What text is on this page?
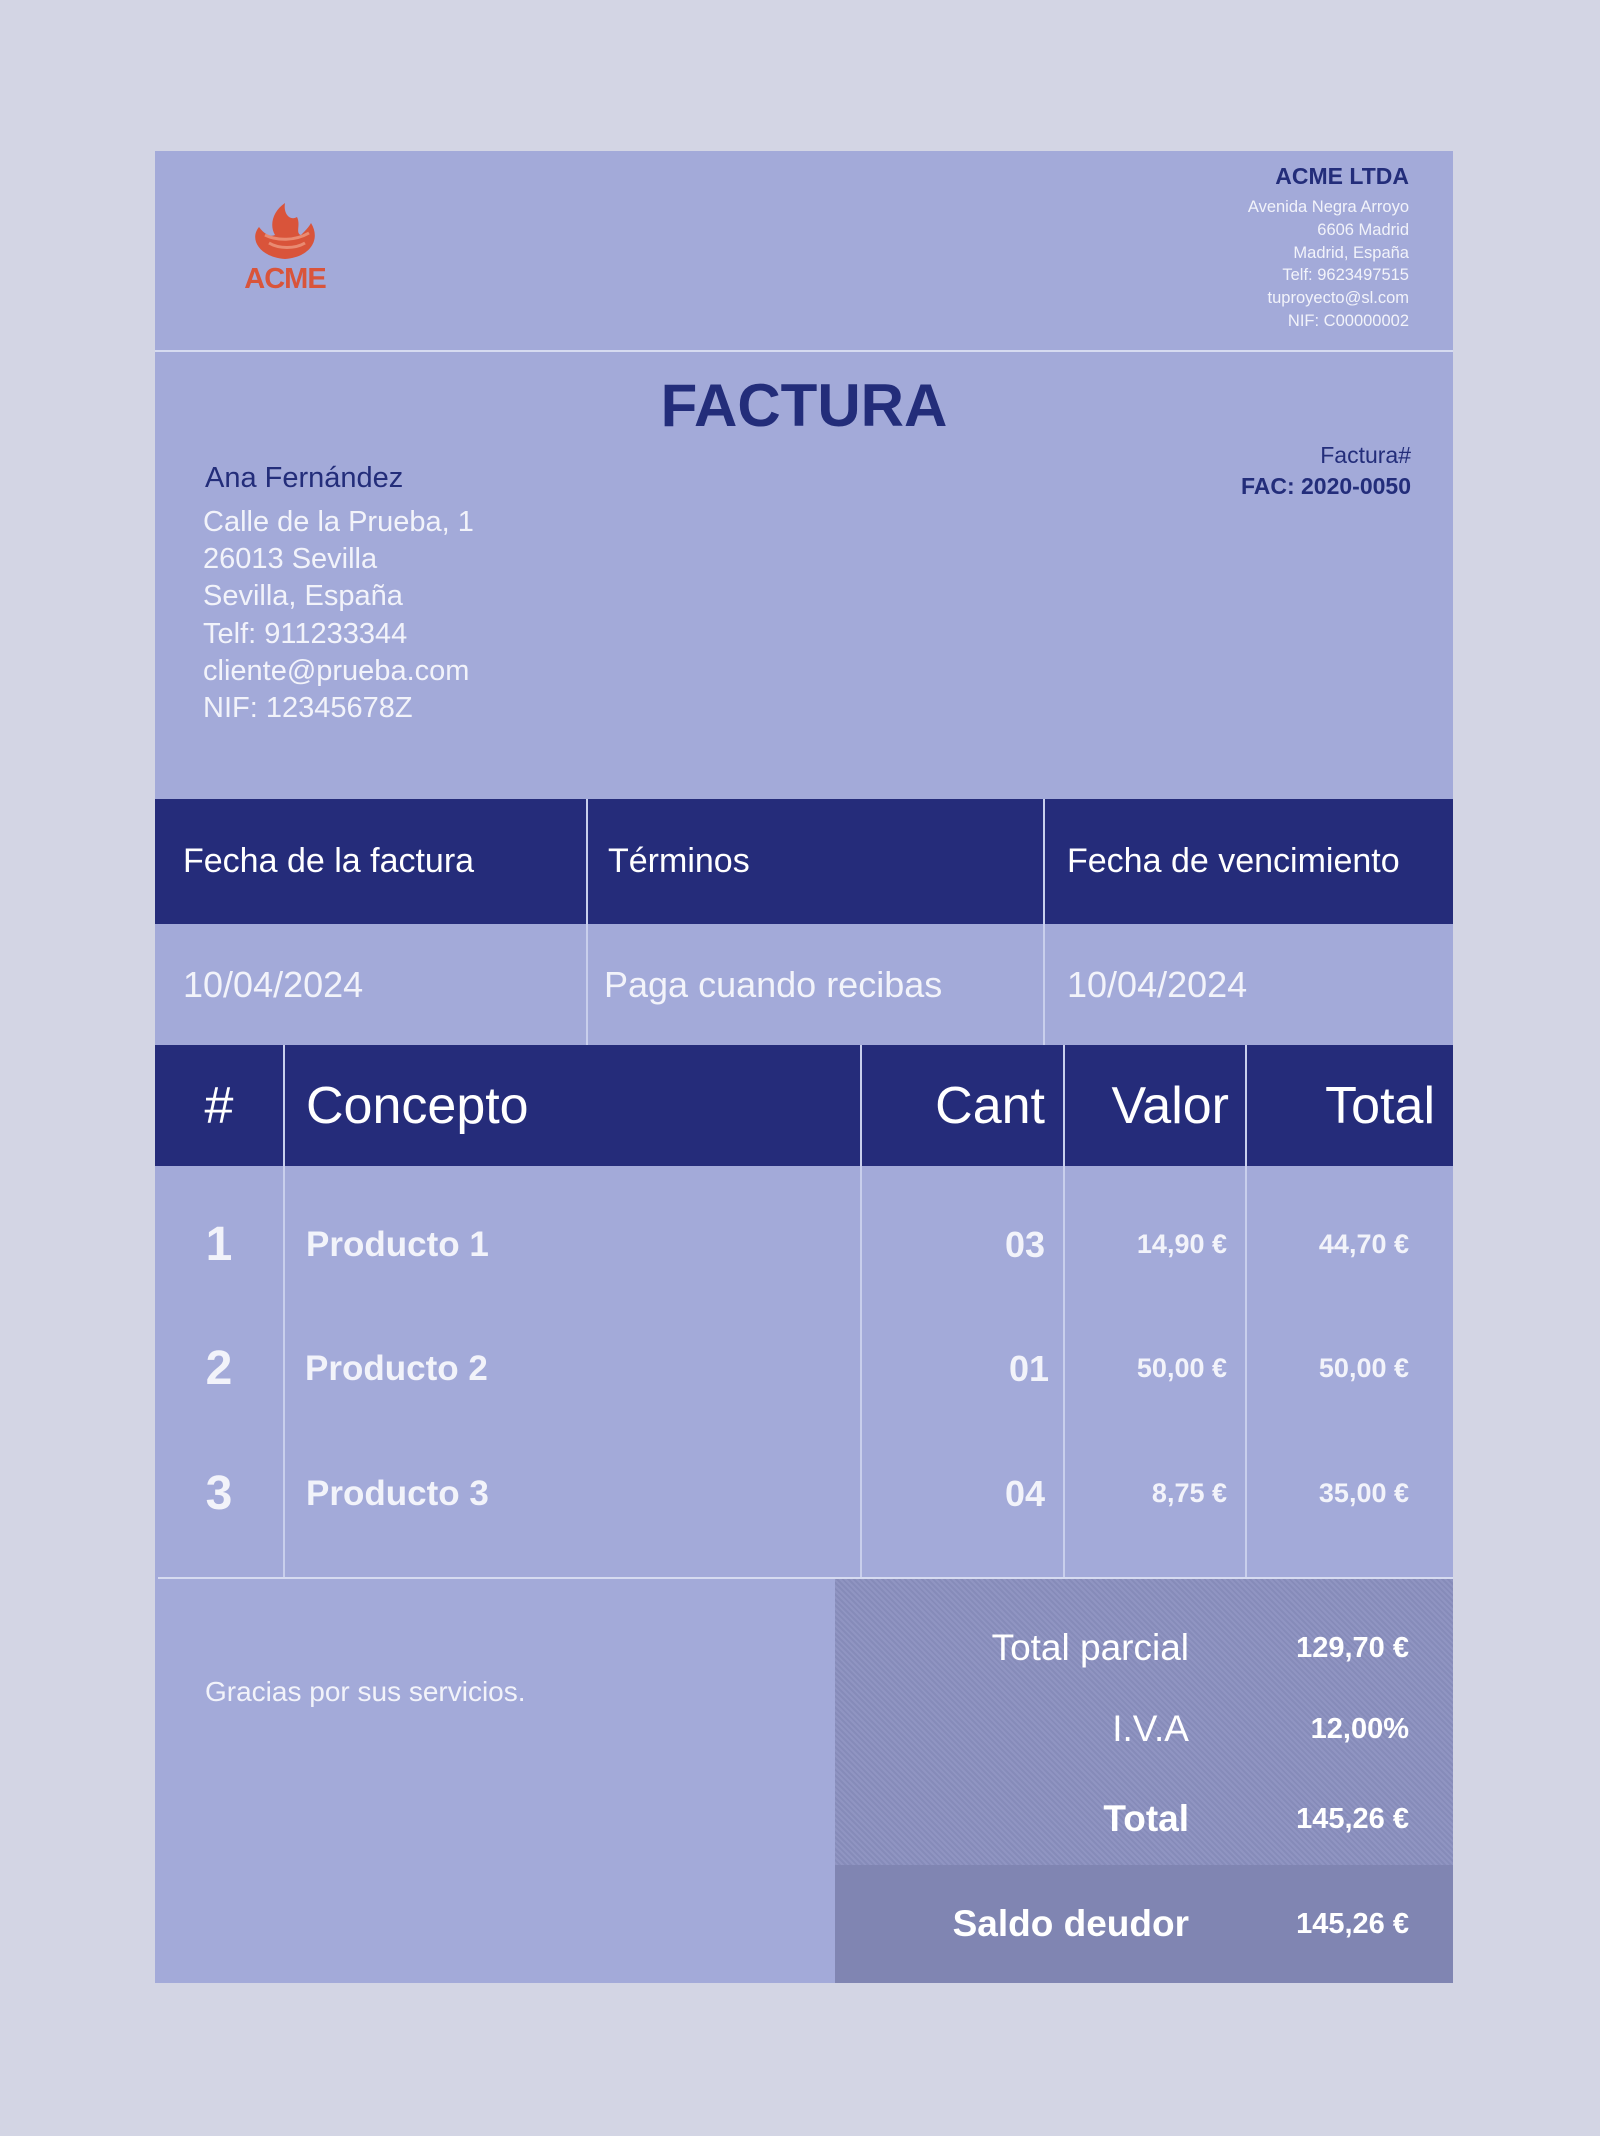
ACME
ACME LTDA
Avenida Negra Arroyo
6606 Madrid
Madrid, España
Telf: 9623497515
tuproyecto@sl.com
NIF: C00000002
FACTURA
Ana Fernández
Calle de la Prueba, 1
26013 Sevilla
Sevilla, España
Telf: 911233344
cliente@prueba.com
NIF: 12345678Z
Factura#
FAC: 2020-0050
Fecha de la factura	Términos	Fecha de vencimiento
10/04/2024	Paga cuando recibas	10/04/2024
#	Concepto	Cant	Valor	Total
1	Producto 1	03	14,90 €	44,70 €
2	Producto 2	01	50,00 €	50,00 €
3	Producto 3	04	8,75 €	35,00 €
Gracias por sus servicios.
Total parcial	129,70 €
I.V.A	12,00%
Total	145,26 €
Saldo deudor	145,26 €
